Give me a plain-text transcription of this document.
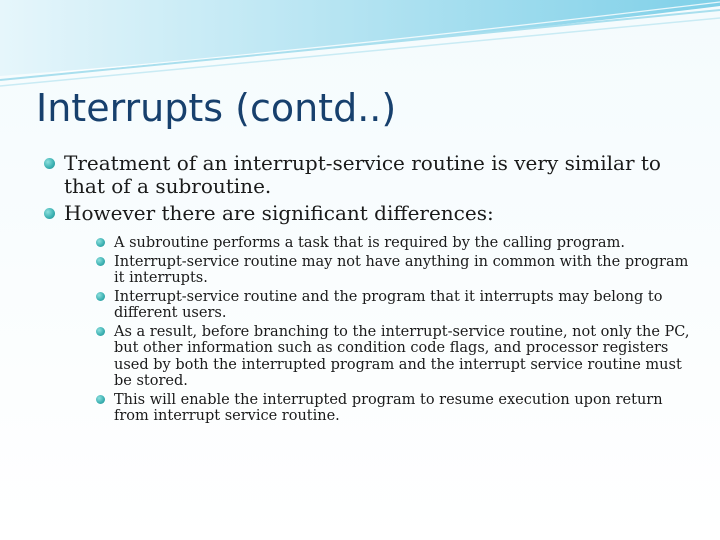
Interrupts (contd..)
Treatment of an interrupt-service routine is very similar to that of a subroutine.
However there are significant differences:
A subroutine performs a task that is required by the calling program.
Interrupt-service routine may not have anything in common with the program it interrupts.
Interrupt-service routine and the program that it interrupts may belong to different users.
As a result, before branching to the interrupt-service routine, not only the PC, but other information such as condition code flags, and processor registers used by both the interrupted program and the interrupt service routine must be stored.
This will enable the interrupted program to resume execution upon return from interrupt service routine.
